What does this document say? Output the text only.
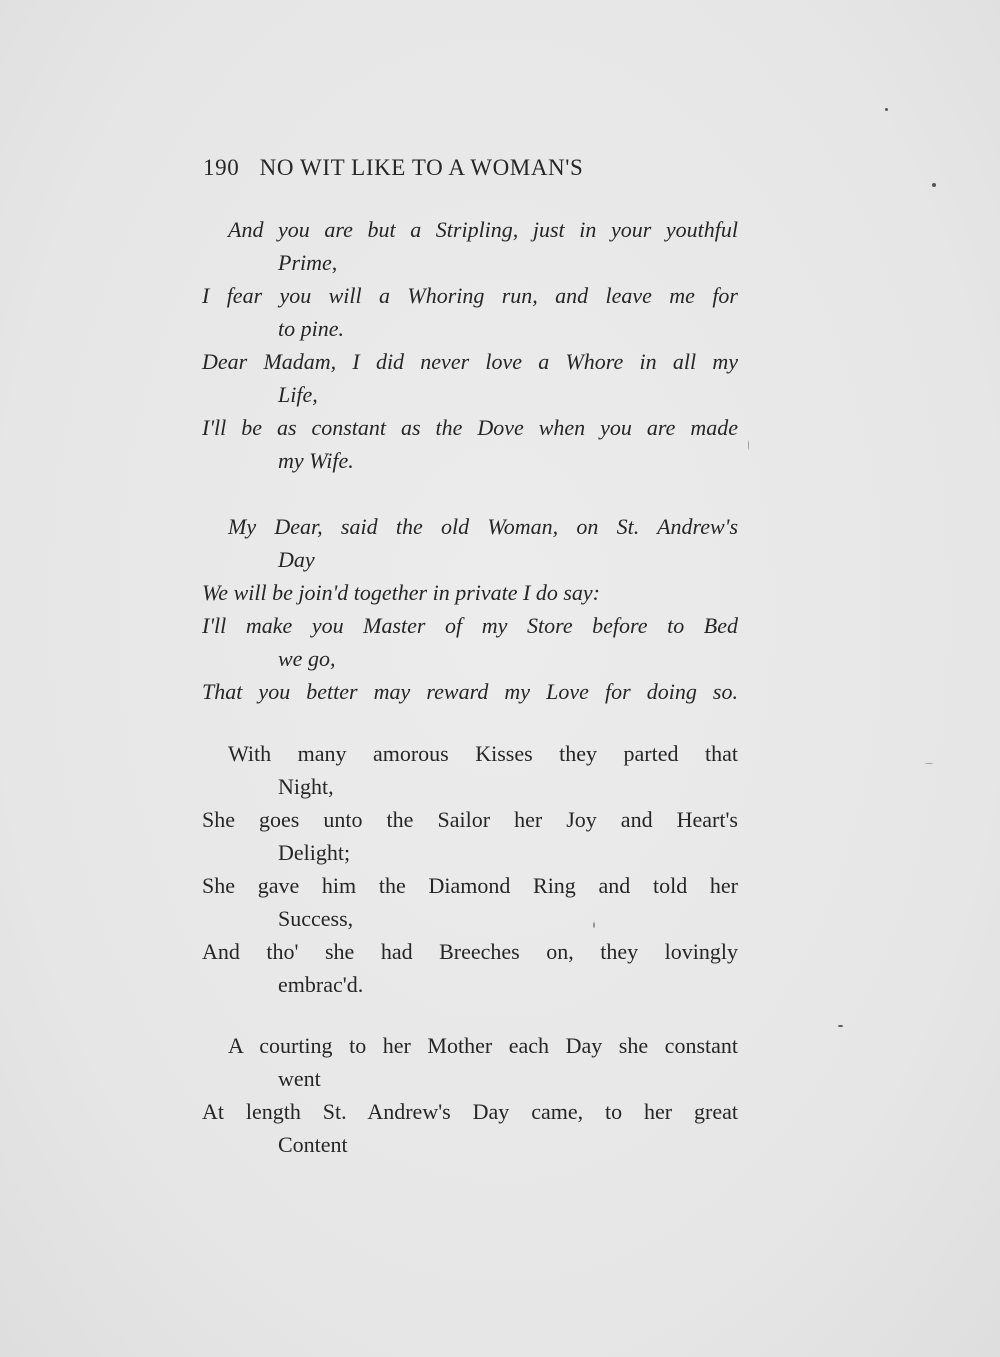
190 NO WIT LIKE TO A WOMAN'S
And you are but a Stripling, just in your youthful
Prime,
I fear you will a Whoring run, and leave me for
to pine.
Dear Madam, I did never love a Whore in all my
Life,
I'll be as constant as the Dove when you are made
my Wife.
My Dear, said the old Woman, on St. Andrew's
Day
We will be join'd together in private I do say:
I'll make you Master of my Store before to Bed
we go,
That you better may reward my Love for doing so.
With many amorous Kisses they parted that
Night,
She goes unto the Sailor her Joy and Heart's
Delight;
She gave him the Diamond Ring and told her
Success,
And tho' she had Breeches on, they lovingly
embrac'd.
A courting to her Mother each Day she constant
went
At length St. Andrew's Day came, to her great
Content
